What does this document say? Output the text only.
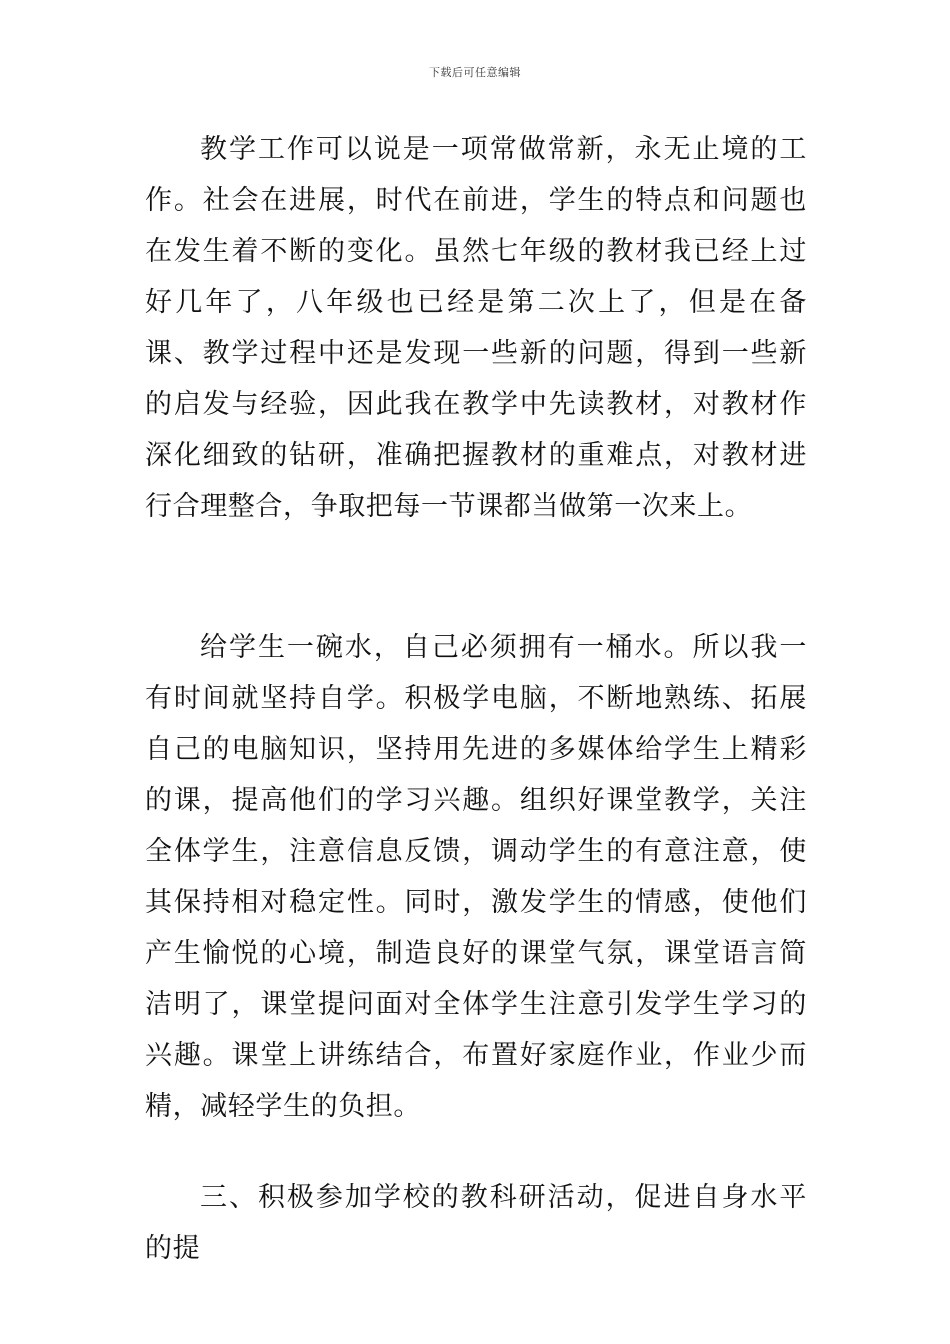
下载后可任意编辑

教学工作可以说是一项常做常新，永无止境的工作。社会在进展，时代在前进，学生的特点和问题也在发生着不断的变化。虽然七年级的教材我已经上过好几年了，八年级也已经是第二次上了，但是在备课、教学过程中还是发现一些新的问题，得到一些新的启发与经验，因此我在教学中先读教材，对教材作深化细致的钻研，准确把握教材的重难点，对教材进行合理整合，争取把每一节课都当做第一次来上。

给学生一碗水，自己必须拥有一桶水。所以我一有时间就坚持自学。积极学电脑，不断地熟练、拓展自己的电脑知识，坚持用先进的多媒体给学生上精彩的课，提高他们的学习兴趣。组织好课堂教学，关注全体学生，注意信息反馈，调动学生的有意注意，使其保持相对稳定性。同时，激发学生的情感，使他们产生愉悦的心境，制造良好的课堂气氛，课堂语言简洁明了，课堂提问面对全体学生注意引发学生学习的兴趣。课堂上讲练结合，布置好家庭作业，作业少而精，减轻学生的负担。

三、积极参加学校的教科研活动，促进自身水平的提
